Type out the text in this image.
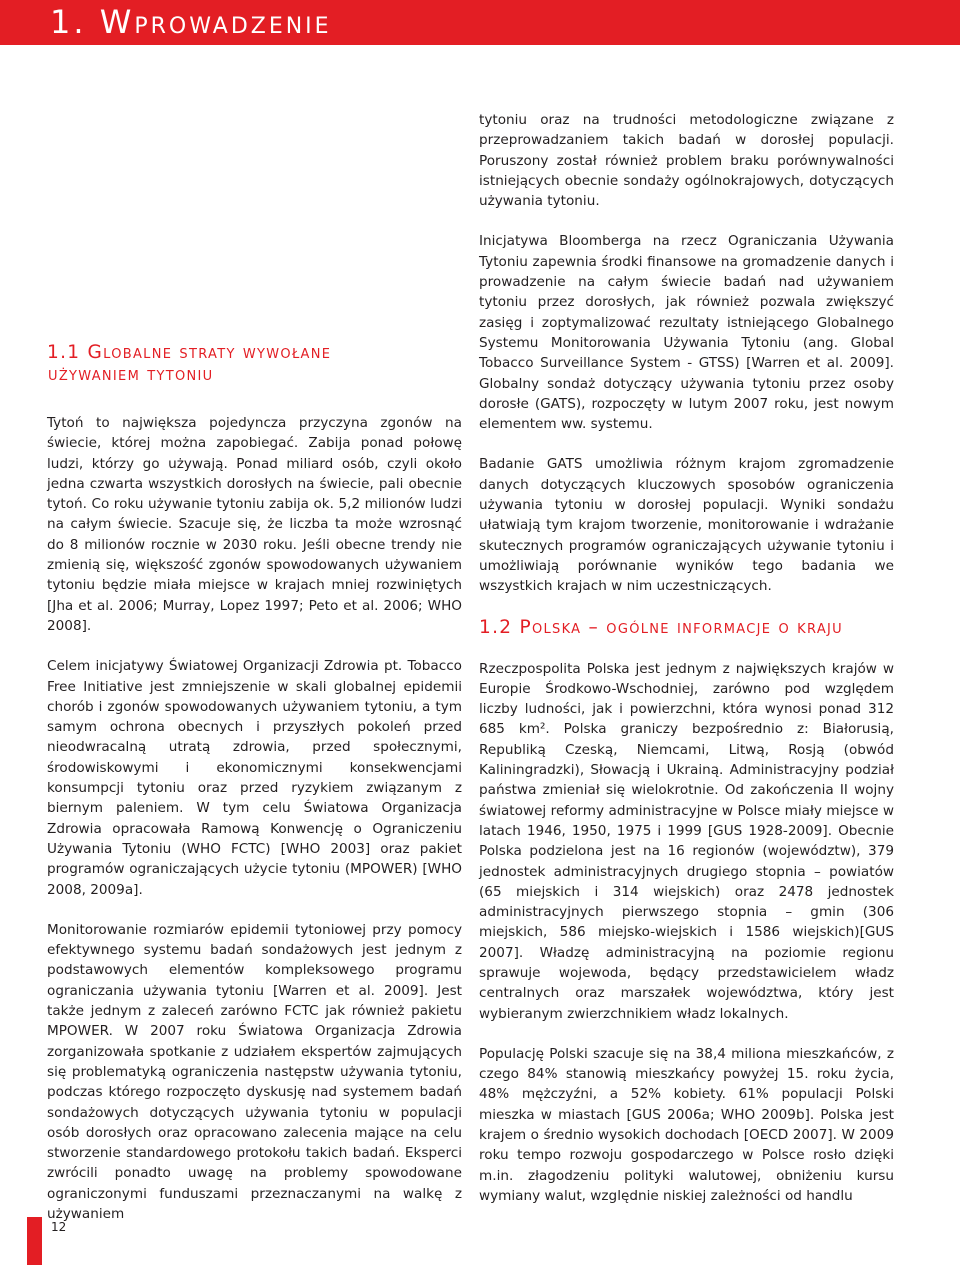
1. Wprowadzenie
1.1 Globalne straty wywołane
używaniem tytoniu

Tytoń to największa pojedyncza przyczyna zgonów na świecie, której można zapobiegać. Zabija ponad połowę ludzi, którzy go używają. Ponad miliard osób, czyli około jedna czwarta wszystkich dorosłych na świecie, pali obecnie tytoń. Co roku używanie tytoniu zabija ok. 5,2 milionów ludzi na całym świecie. Szacuje się, że liczba ta może wzrosnąć do 8 milionów rocznie w 2030 roku. Jeśli obecne trendy nie zmienią się, większość zgonów spowodowanych używaniem tytoniu będzie miała miejsce w krajach mniej rozwiniętych [Jha et al. 2006; Murray, Lopez 1997; Peto et al. 2006; WHO 2008].

Celem inicjatywy Światowej Organizacji Zdrowia pt. Tobacco Free Initiative jest zmniejszenie w skali globalnej epidemii chorób i zgonów spowodowanych używaniem tytoniu, a tym samym ochrona obecnych i przyszłych pokoleń przed nieodwracalną utratą zdrowia, przed społecznymi, środowiskowymi i ekonomicznymi konsekwencjami konsumpcji tytoniu oraz przed ryzykiem związanym z biernym paleniem. W tym celu Światowa Organizacja Zdrowia opracowała Ramową Konwencję o Ograniczeniu Używania Tytoniu (WHO FCTC) [WHO 2003] oraz pakiet programów ograniczających użycie tytoniu (MPOWER) [WHO 2008, 2009a].

Monitorowanie rozmiarów epidemii tytoniowej przy pomocy efektywnego systemu badań sondażowych jest jednym z podstawowych elementów kompleksowego programu ograniczania używania tytoniu [Warren et al. 2009]. Jest także jednym z zaleceń zarówno FCTC jak również pakietu MPOWER. W 2007 roku Światowa Organizacja Zdrowia zorganizowała spotkanie z udziałem ekspertów zajmujących się problematyką ograniczenia następstw używania tytoniu, podczas którego rozpoczęto dyskusję nad systemem badań sondażowych dotyczących używania tytoniu w populacji osób dorosłych oraz opracowano zalecenia mające na celu stworzenie standardowego protokołu takich badań. Eksperci zwrócili ponadto uwagę na problemy spowodowane ograniczonymi funduszami przeznaczanymi na walkę z używaniem

tytoniu oraz na trudności metodologiczne związane z przeprowadzaniem takich badań w dorosłej populacji. Poruszony został również problem braku porównywalności istniejących obecnie sondaży ogólnokrajowych, dotyczących używania tytoniu.

Inicjatywa Bloomberga na rzecz Ograniczania Używania Tytoniu zapewnia środki finansowe na gromadzenie danych i prowadzenie na całym świecie badań nad używaniem tytoniu przez dorosłych, jak również pozwala zwiększyć zasięg i zoptymalizować rezultaty istniejącego Globalnego Systemu Monitorowania Używania Tytoniu (ang. Global Tobacco Surveillance System - GTSS) [Warren et al. 2009]. Globalny sondaż dotyczący używania tytoniu przez osoby dorosłe (GATS), rozpoczęty w lutym 2007 roku, jest nowym elementem ww. systemu.

Badanie GATS umożliwia różnym krajom zgromadzenie danych dotyczących kluczowych sposobów ograniczenia używania tytoniu w dorosłej populacji. Wyniki sondażu ułatwiają tym krajom tworzenie, monitorowanie i wdrażanie skutecznych programów ograniczających używanie tytoniu i umożliwiają porównanie wyników tego badania we wszystkich krajach w nim uczestniczących.

1.2 Polska – ogólne informacje o kraju

Rzeczpospolita Polska jest jednym z największych krajów w Europie Środkowo-Wschodniej, zarówno pod względem liczby ludności, jak i powierzchni, która wynosi ponad 312 685 km². Polska graniczy bezpośrednio z: Białorusią, Republiką Czeską, Niemcami, Litwą, Rosją (obwód Kaliningradzki), Słowacją i Ukrainą. Administracyjny podział państwa zmieniał się wielokrotnie. Od zakończenia II wojny światowej reformy administracyjne w Polsce miały miejsce w latach 1946, 1950, 1975 i 1999 [GUS 1928-2009]. Obecnie Polska podzielona jest na 16 regionów (województw), 379 jednostek administracyjnych drugiego stopnia – powiatów (65 miejskich i 314 wiejskich) oraz 2478 jednostek administracyjnych pierwszego stopnia – gmin (306 miejskich, 586 miejsko-wiejskich i 1586 wiejskich)[GUS 2007]. Władzę administracyjną na poziomie regionu sprawuje wojewoda, będący przedstawicielem władz centralnych oraz marszałek województwa, który jest wybieranym zwierzchnikiem władz lokalnych.

Populację Polski szacuje się na 38,4 miliona mieszkańców, z czego 84% stanowią mieszkańcy powyżej 15. roku życia, 48% mężczyźni, a 52% kobiety. 61% populacji Polski mieszka w miastach [GUS 2006a; WHO 2009b]. Polska jest krajem o średnio wysokich dochodach [OECD 2007]. W 2009 roku tempo rozwoju gospodarczego w Polsce rosło dzięki m.in. złagodzeniu polityki walutowej, obniżeniu kursu wymiany walut, względnie niskiej zależności od handlu

12
